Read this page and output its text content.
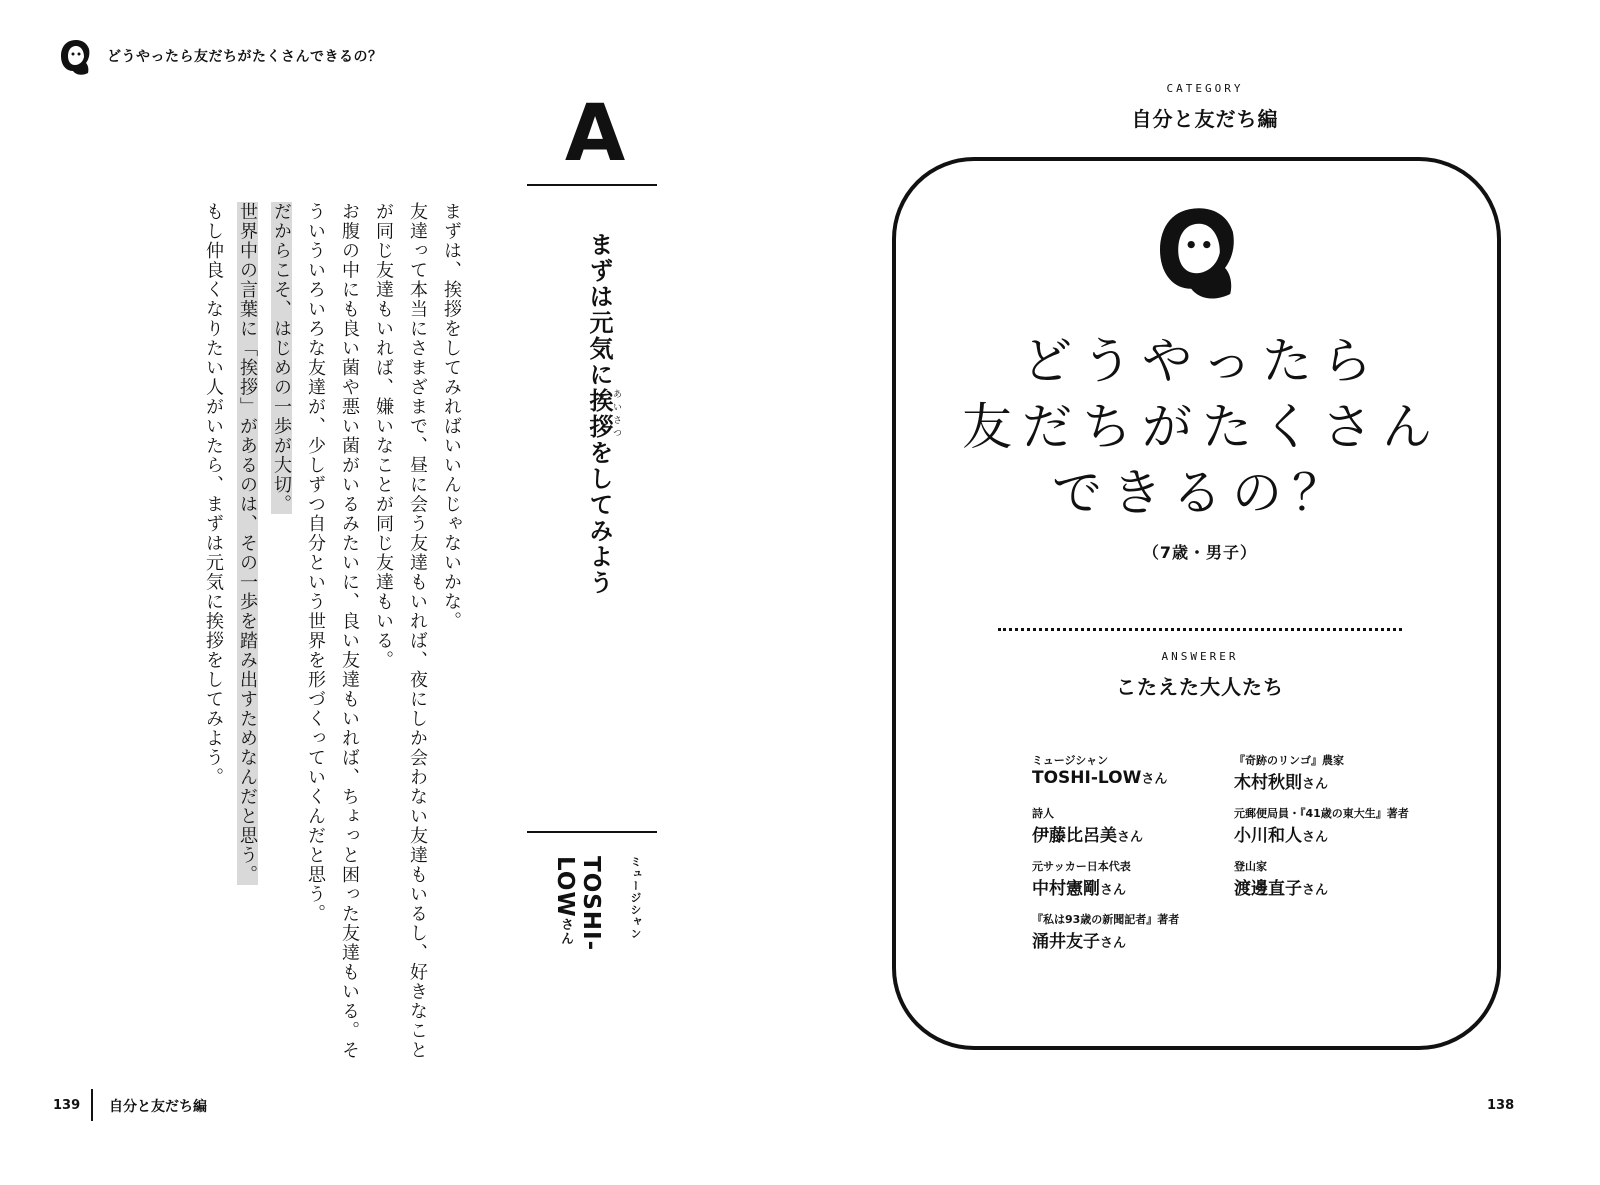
どうやったら友だちがたくさんできるの？
A
まずは元気に挨あい拶さつをしてみよう
ミュージシャン
TOSHI-LOWさん

まずは、挨拶をしてみればいいんじゃないかな。

友達って本当にさまざまで、昼に会う友達もいれば、夜にしか会わない友達もいるし、好きなことが同じ友達もいれば、嫌いなことが同じ友達もいる。

お腹の中にも良い菌や悪い菌がいるみたいに、良い友達もいれば、ちょっと困った友達もいる。そういういろいろな友達が、少しずつ自分という世界を形づくっていくんだと思う。

だからこそ、はじめの一歩が大切。

世界中の言葉に「挨拶」があるのは、その一歩を踏み出すためなんだと思う。

もし仲良くなりたい人がいたら、まずは元気に挨拶をしてみよう。

139 自分と友だち編
CATEGORY
自分と友だち編
どうやったら
友だちがたくさん
できるの？
（7歳・男子）
ANSWERER
こたえた大人たち
ミュージシャン
TOSHI-LOWさん
詩人
伊藤比呂美さん
元サッカー日本代表
中村憲剛さん
『私は93歳の新聞記者』著者
涌井友子さん
『奇跡のリンゴ』農家
木村秋則さん
元郵便局員・『41歳の東大生』著者
小川和人さん
登山家
渡邊直子さん
138
